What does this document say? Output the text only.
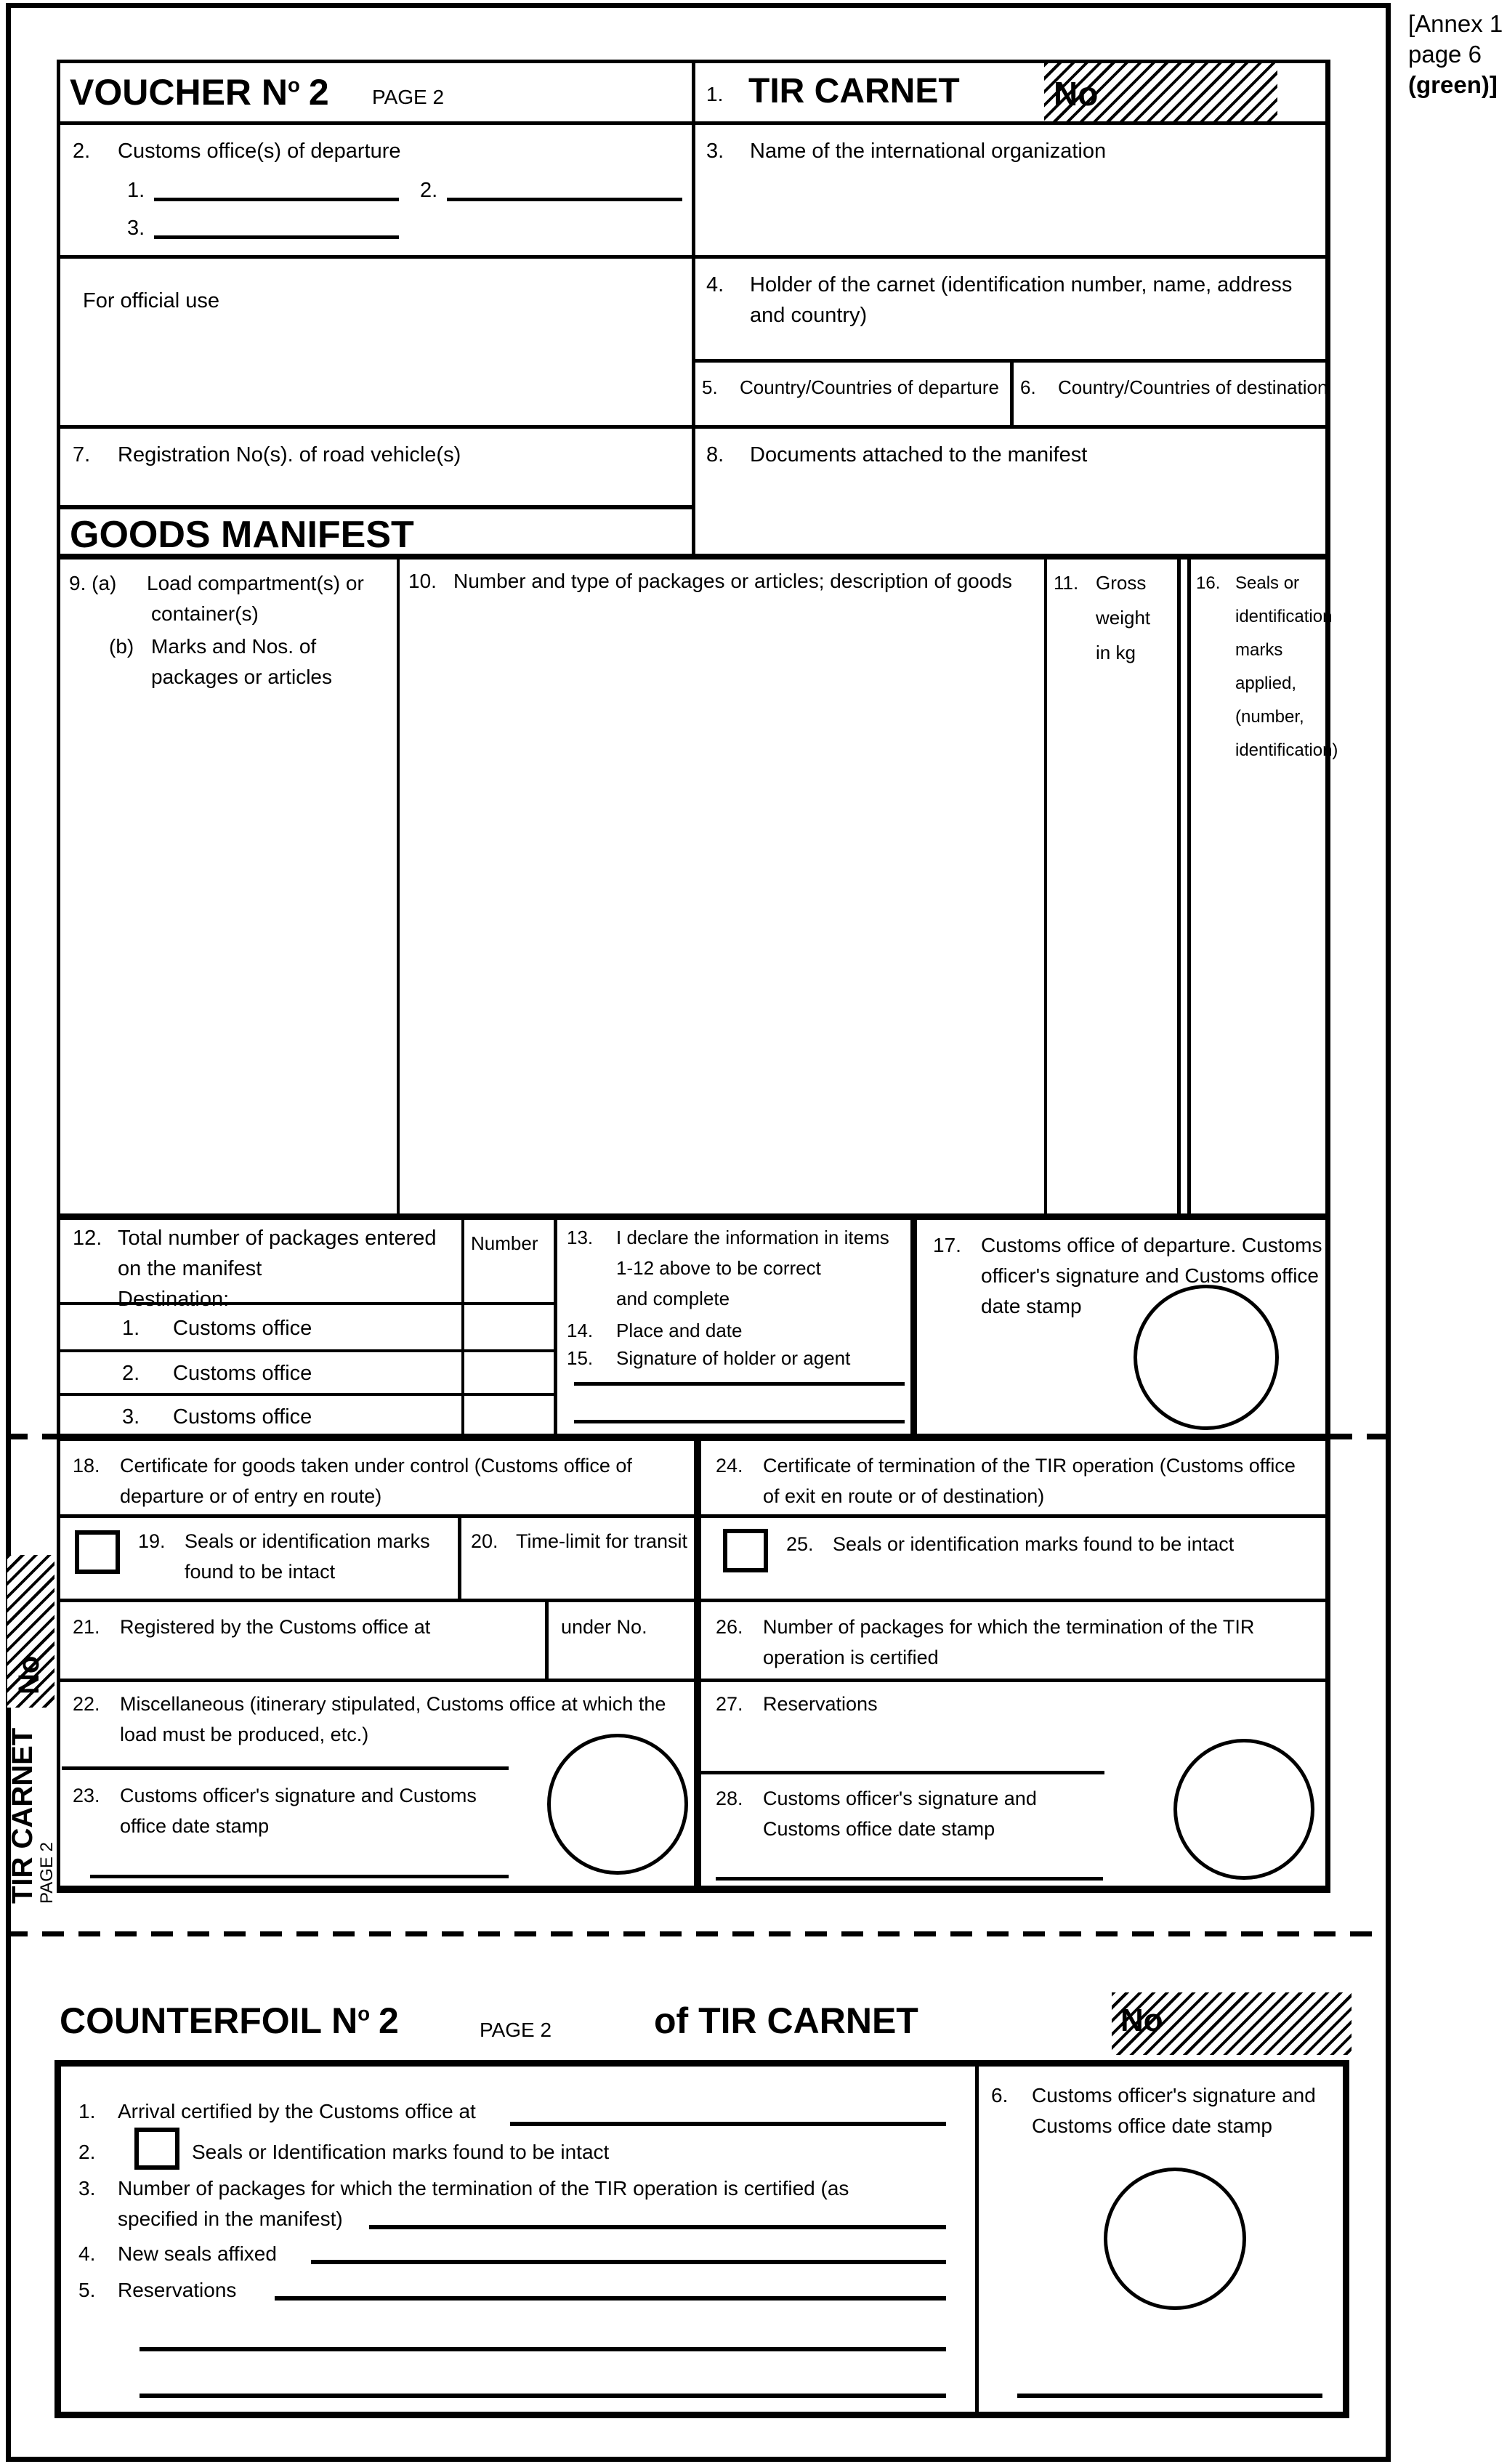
[Annex 1
page 6
(green)]
VOUCHER $N^o$ 2 PAGE 2	1. TIR CARNET	No
2. Customs office(s) of departure
1.	2.
3.
3. Name of the international organization
For official use
4. Holder of the carnet (identification number, name, address
and country)
5. Country/Countries of departure 6. Country/Countries of destination
7. Registration No(s). of road vehicle(s)	8. Documents attached to the manifest
GOODS MANIFEST
9. (a) Load compartment(s) or
container(s)
(b) Marks and Nos. of
packages or articles
10. Number and type of packages or articles; description of goods 11. Gross
weight
in kg
16. Seals or
identification
marks
applied,
(number,
identification)
12. Total number of packages entered
on the manifest
Destination:
Number
1. Customs office
2. Customs office
3. Customs office
13. I declare the information in items
1-12 above to be correct
and complete
14. Place and date
15. Signature of holder or agent
17. Customs office of departure. Customs
officer's signature and Customs office
date stamp
18. Certificate for goods taken under control (Customs office of
departure or of entry en route)
19. Seals or identification marks
found to be intact
20. Time-limit for transit
21. Registered by the Customs office at	under No.
22. Miscellaneous (itinerary stipulated, Customs office at which the
load must be produced, etc.)
23. Customs officer's signature and Customs
office date stamp
24. Certificate of termination of the TIR operation (Customs office
of exit en route or of destination)
25. Seals or identification marks found to be intact
26. Number of packages for which the termination of the TIR
operation is certified
27. Reservations
28. Customs officer's signature and
Customs office date stamp
No
TIR CARNET
PAGE 2
COUNTERFOIL $N^o$ 2	PAGE 2	of TIR CARNET	No
1. Arrival certified by the Customs office at
2.	Seals or Identification marks found to be intact
3. Number of packages for which the termination of the TIR operation is certified (as
specified in the manifest)
4. New seals affixed
5. Reservations
6. Customs officer's signature and
Customs office date stamp
